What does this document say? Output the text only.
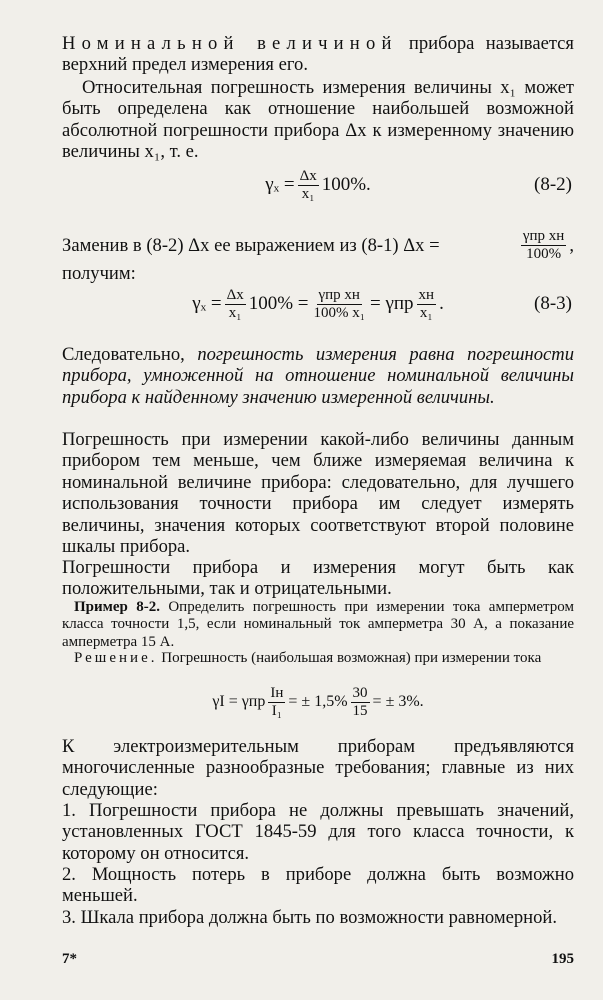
Номинальной величиной прибора называется верхний предел измерения его.

Относительная погрешность измерения величины x₁ может быть определена как отношение наибольшей возможной абсолютной погрешности прибора Δx к измеренному значению величины x₁, т. е.

$\gamma_x = \frac{\Delta x}{\text{x₁}} 100\%$.	(8-2)

Заменив в (8-2) Δx ее выражением из (8-1) Δx =	$\frac{\text{γпр xн}}{100\%}$ ,

получим:

$\gamma_x = \frac{\Delta x}{\text{x₁}} 100\% = \frac{\text{γпр xн}}{\text{100\% x₁}} = \gamma пр \frac{xн}{\text{x₁}}$ .	(8-3)

Следовательно, погрешность измерения равна погрешности прибора, умноженной на отношение номинальной величины прибора к найденному значению измеренной величины.

Погрешность при измерении какой-либо величины данным прибором тем меньше, чем ближе измеряемая величина к номинальной величине прибора: следовательно, для лучшего использования точности прибора им следует измерять величины, значения которых соответствуют второй половине шкалы прибора.

Погрешности прибора и измерения могут быть как положительными, так и отрицательными.

Пример 8-2. Определить погрешность при измерении тока амперметром класса точности 1,5, если номинальный ток амперметра 30 А, а показание амперметра 15 А.

Решение. Погрешность (наибольшая возможная) при измерении тока

γI = γпр $\frac{Iн}{\text{I₁}}$ = ± $1,5\% \frac{30}{15}$ = ± 3%.

К электроизмерительным приборам предъявляются многочисленные разнообразные требования; главные из них следующие:

1. Погрешности прибора не должны превышать значений, установленных ГОСТ 1845-59 для того класса точности, к которому он относится.

2. Мощность потерь в приборе должна быть возможно меньшей.

3. Шкала прибора должна быть по возможности равномерной.

7*	195
